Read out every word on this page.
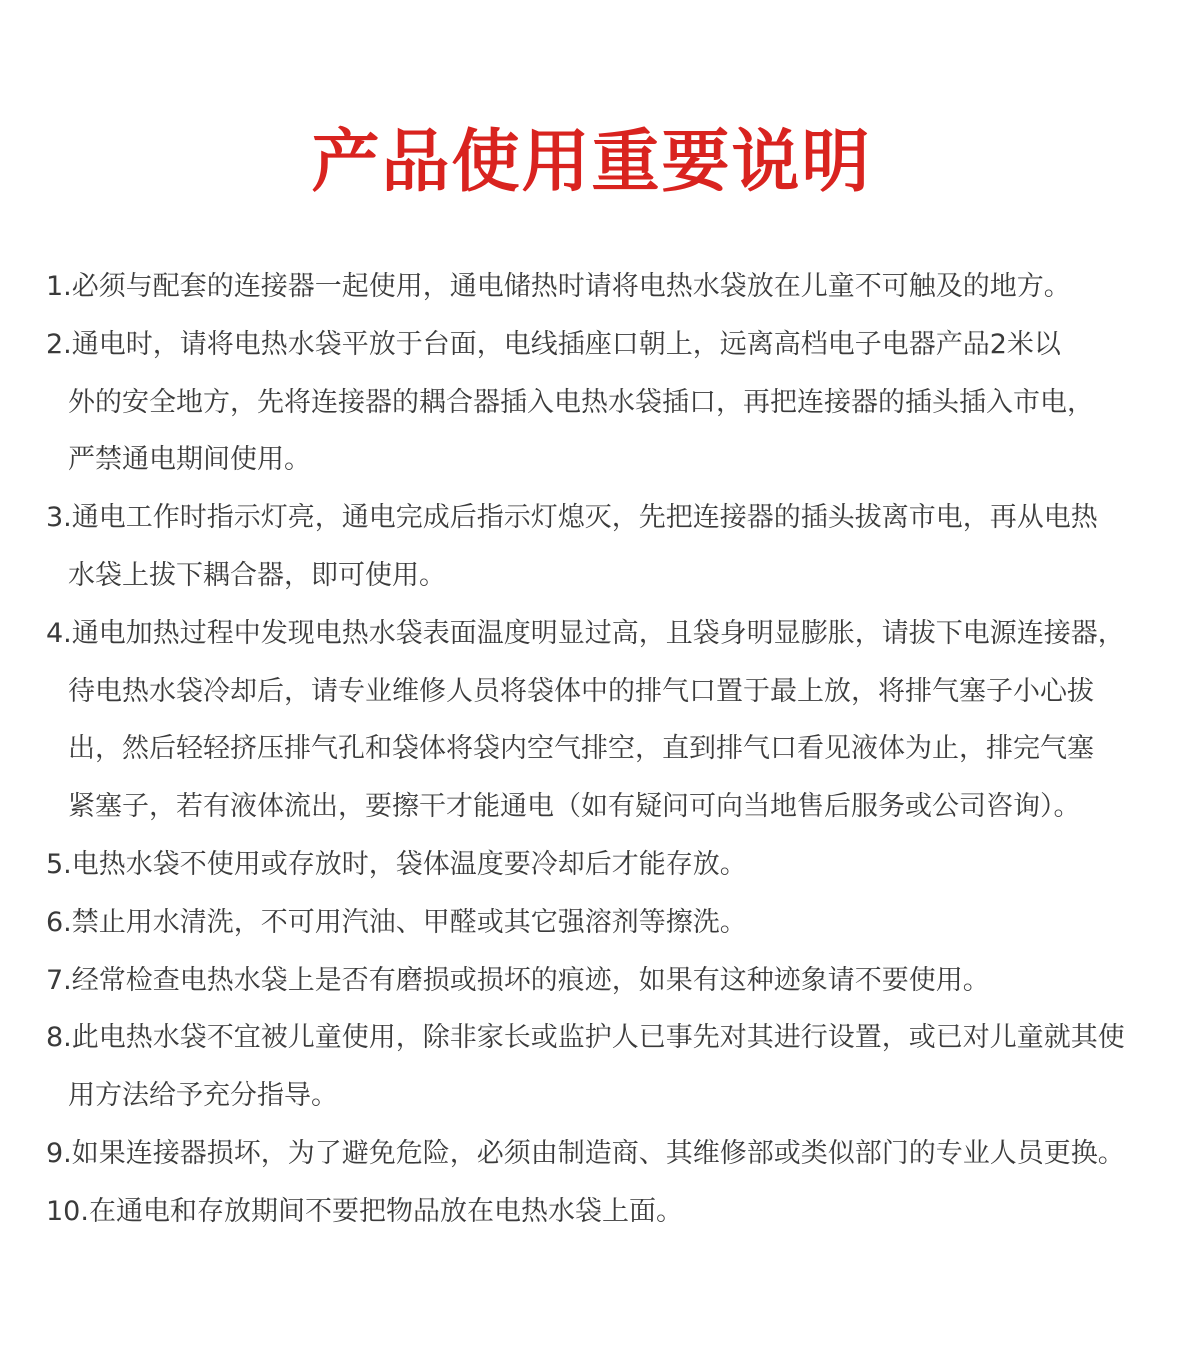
产品使用重要说明
1.必须与配套的连接器一起使用，通电储热时请将电热水袋放在儿童不可触及的地方。
2.通电时，请将电热水袋平放于台面，电线插座口朝上，远离高档电子电器产品2米以
外的安全地方，先将连接器的耦合器插入电热水袋插口，再把连接器的插头插入市电，
严禁通电期间使用。
3.通电工作时指示灯亮，通电完成后指示灯熄灭，先把连接器的插头拔离市电，再从电热
水袋上拔下耦合器，即可使用。
4.通电加热过程中发现电热水袋表面温度明显过高，且袋身明显膨胀，请拔下电源连接器，
待电热水袋冷却后，请专业维修人员将袋体中的排气口置于最上放，将排气塞子小心拔
出，然后轻轻挤压排气孔和袋体将袋内空气排空，直到排气口看见液体为止，排完气塞
紧塞子，若有液体流出，要擦干才能通电（如有疑问可向当地售后服务或公司咨询）。
5.电热水袋不使用或存放时，袋体温度要冷却后才能存放。
6.禁止用水清洗，不可用汽油、甲醛或其它强溶剂等擦洗。
7.经常检查电热水袋上是否有磨损或损坏的痕迹，如果有这种迹象请不要使用。
8.此电热水袋不宜被儿童使用，除非家长或监护人已事先对其进行设置，或已对儿童就其使
用方法给予充分指导。
9.如果连接器损坏，为了避免危险，必须由制造商、其维修部或类似部门的专业人员更换。
10.在通电和存放期间不要把物品放在电热水袋上面。
